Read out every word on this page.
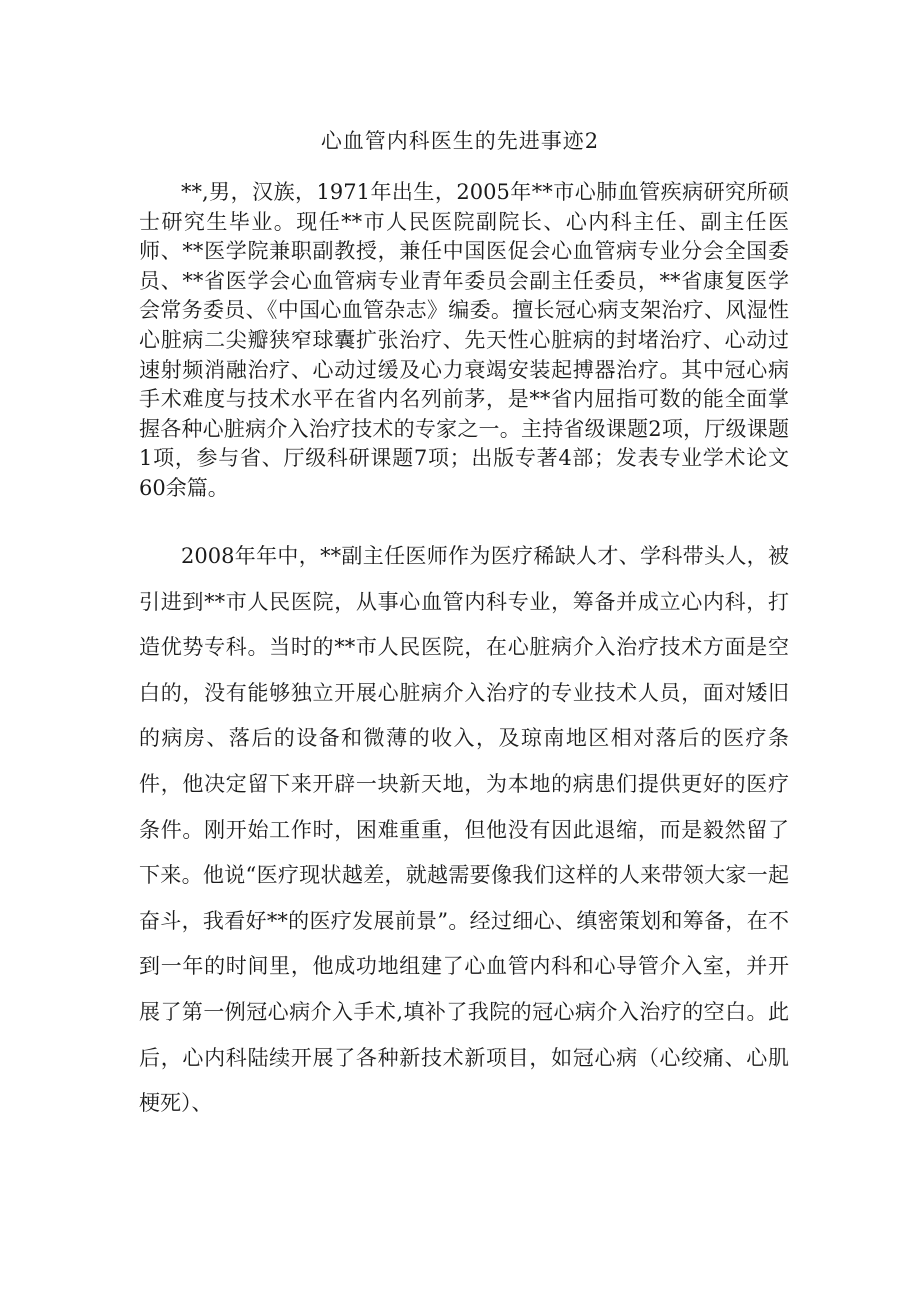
心血管内科医生的先进事迹2

**,男，汉族，1971年出生，2005年**市心肺血管疾病研究所硕士研究生毕业。现任**市人民医院副院长、心内科主任、副主任医师、**医学院兼职副教授，兼任中国医促会心血管病专业分会全国委员、**省医学会心血管病专业青年委员会副主任委员，**省康复医学会常务委员、《中国心血管杂志》编委。擅长冠心病支架治疗、风湿性心脏病二尖瓣狭窄球囊扩张治疗、先天性心脏病的封堵治疗、心动过速射频消融治疗、心动过缓及心力衰竭安装起搏器治疗。其中冠心病手术难度与技术水平在省内名列前茅，是**省内屈指可数的能全面掌握各种心脏病介入治疗技术的专家之一。主持省级课题2项，厅级课题1项，参与省、厅级科研课题7项；出版专著4部；发表专业学术论文60余篇。

2008年年中，**副主任医师作为医疗稀缺人才、学科带头人，被引进到**市人民医院，从事心血管内科专业，筹备并成立心内科，打造优势专科。当时的**市人民医院，在心脏病介入治疗技术方面是空白的，没有能够独立开展心脏病介入治疗的专业技术人员，面对矮旧的病房、落后的设备和微薄的收入，及琼南地区相对落后的医疗条件，他决定留下来开辟一块新天地，为本地的病患们提供更好的医疗条件。刚开始工作时，困难重重，但他没有因此退缩，而是毅然留了下来。他说“医疗现状越差，就越需要像我们这样的人来带领大家一起奋斗，我看好**的医疗发展前景”。经过细心、缜密策划和筹备，在不到一年的时间里，他成功地组建了心血管内科和心导管介入室，并开展了第一例冠心病介入手术,填补了我院的冠心病介入治疗的空白。此后，心内科陆续开展了各种新技术新项目，如冠心病（心绞痛、心肌梗死）、
